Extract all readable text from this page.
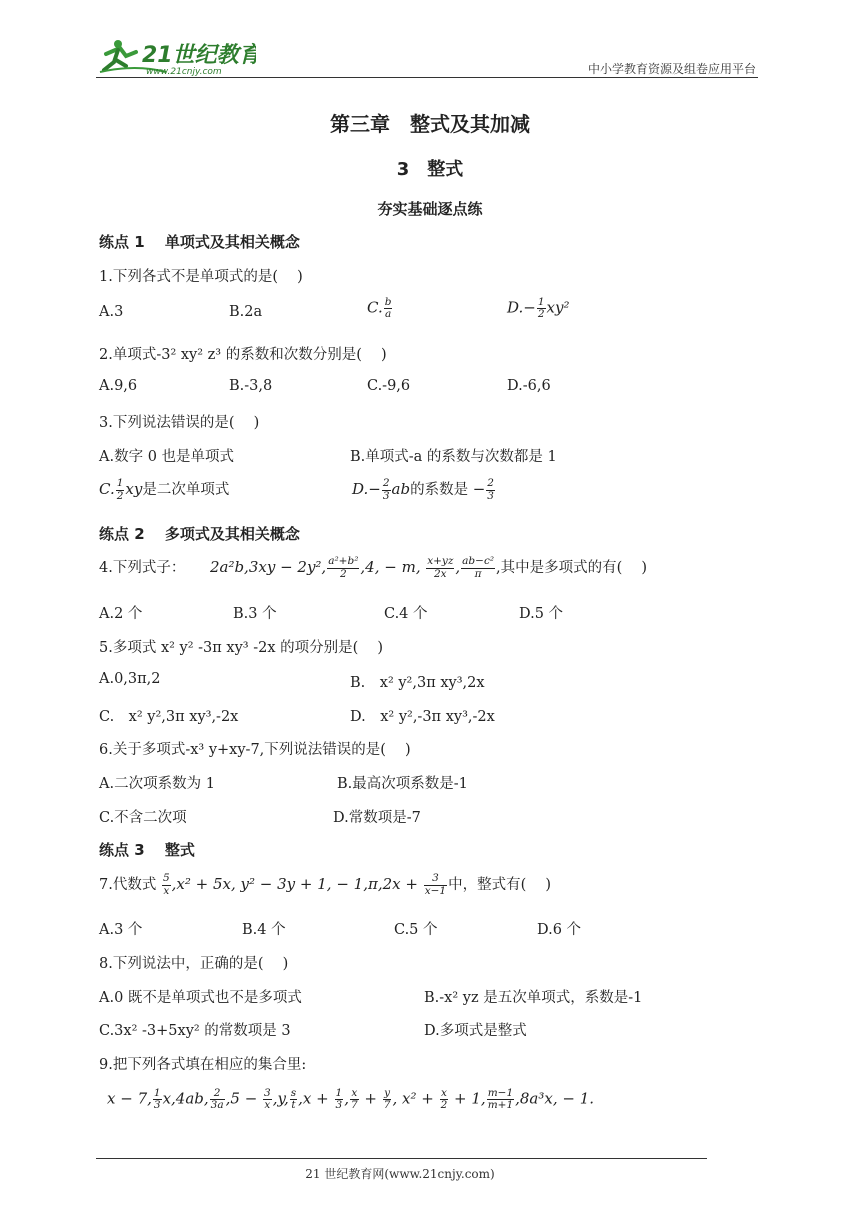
21世纪教育
www.21cnjy.com	中小学教育资源及组卷应用平台
第三章　整式及其加减
3　整式
夯实基础逐点练
练点 1　 单项式及其相关概念
1.下列各式不是单项式的是(　 )
A.3	B.2a	C. $\frac{b}{a}$	$D.- \frac{1}{2} xy^2$
2.单项式-3² xy² z³ 的系数和次数分别是(　 )
A.9,6	B.-3,8	C.-9,6	D.-6,6
3.下列说法错误的是(　 )
A.数字 0 也是单项式	B.单项式-a 的系数与次数都是 1
C. $\frac{1}{2}$ xy是二次单项式	$D.- \frac{2}{3}$ ab的系数是 − $\frac{2}{3}$
练点 2　 多项式及其相关概念
4.下列式子： 2a²b,3xy − 2y², $\frac{\text{a²+b²}}{2} ,4$, − m, $\frac{x+yz}{2x}$ , $\frac{\text{ab−c²}}{\pi}$ ,其中是多项式的有(　 )
A.2 个	B.3 个	C.4 个	D.5 个
5.多项式 x² y² -3π xy³ -2x 的项分别是(　 )
A.0,3π,2	B.　x² y²,3π xy³,2x
C.　x² y²,3π xy³,-2x	D.　x² y²,-3π xy³,-2x
6.关于多项式-x³ y+xy-7,下列说法错误的是(　 )
A.二次项系数为 1	B.最高次项系数是-1
C.不含二次项	D.常数项是-7
练点 3　 整式
7.代数式 $\frac{5}{x} ,x^2 + 5x$, y² − 3y + 1, − $1,\pi,2x + \frac{3}{x-1}$ 中，整式有(　 )
A.3 个	B.4 个	C.5 个	D.6 个
8.下列说法中，正确的是(　 )
A.0 既不是单项式也不是多项式	B.-x² yz 是五次单项式，系数是-1
C.3x² -3+5xy² 的常数项是 3	D.多项式是整式
9.把下列各式填在相应的集合里:
x − 7, $\frac{1}{3} x,4ab$, $\frac{2}{3a} ,5 - \frac{3}{x} ,y$, $\frac{s}{t} ,x + \frac{1}{3}$ , $\frac{x}{7} + \frac{y}{7}$ , $x^2 + \frac{x}{2} + 1$, $\frac{m-1}{m+1} ,8a^3x$, − 1.
21 世纪教育网(www.21cnjy.com)
